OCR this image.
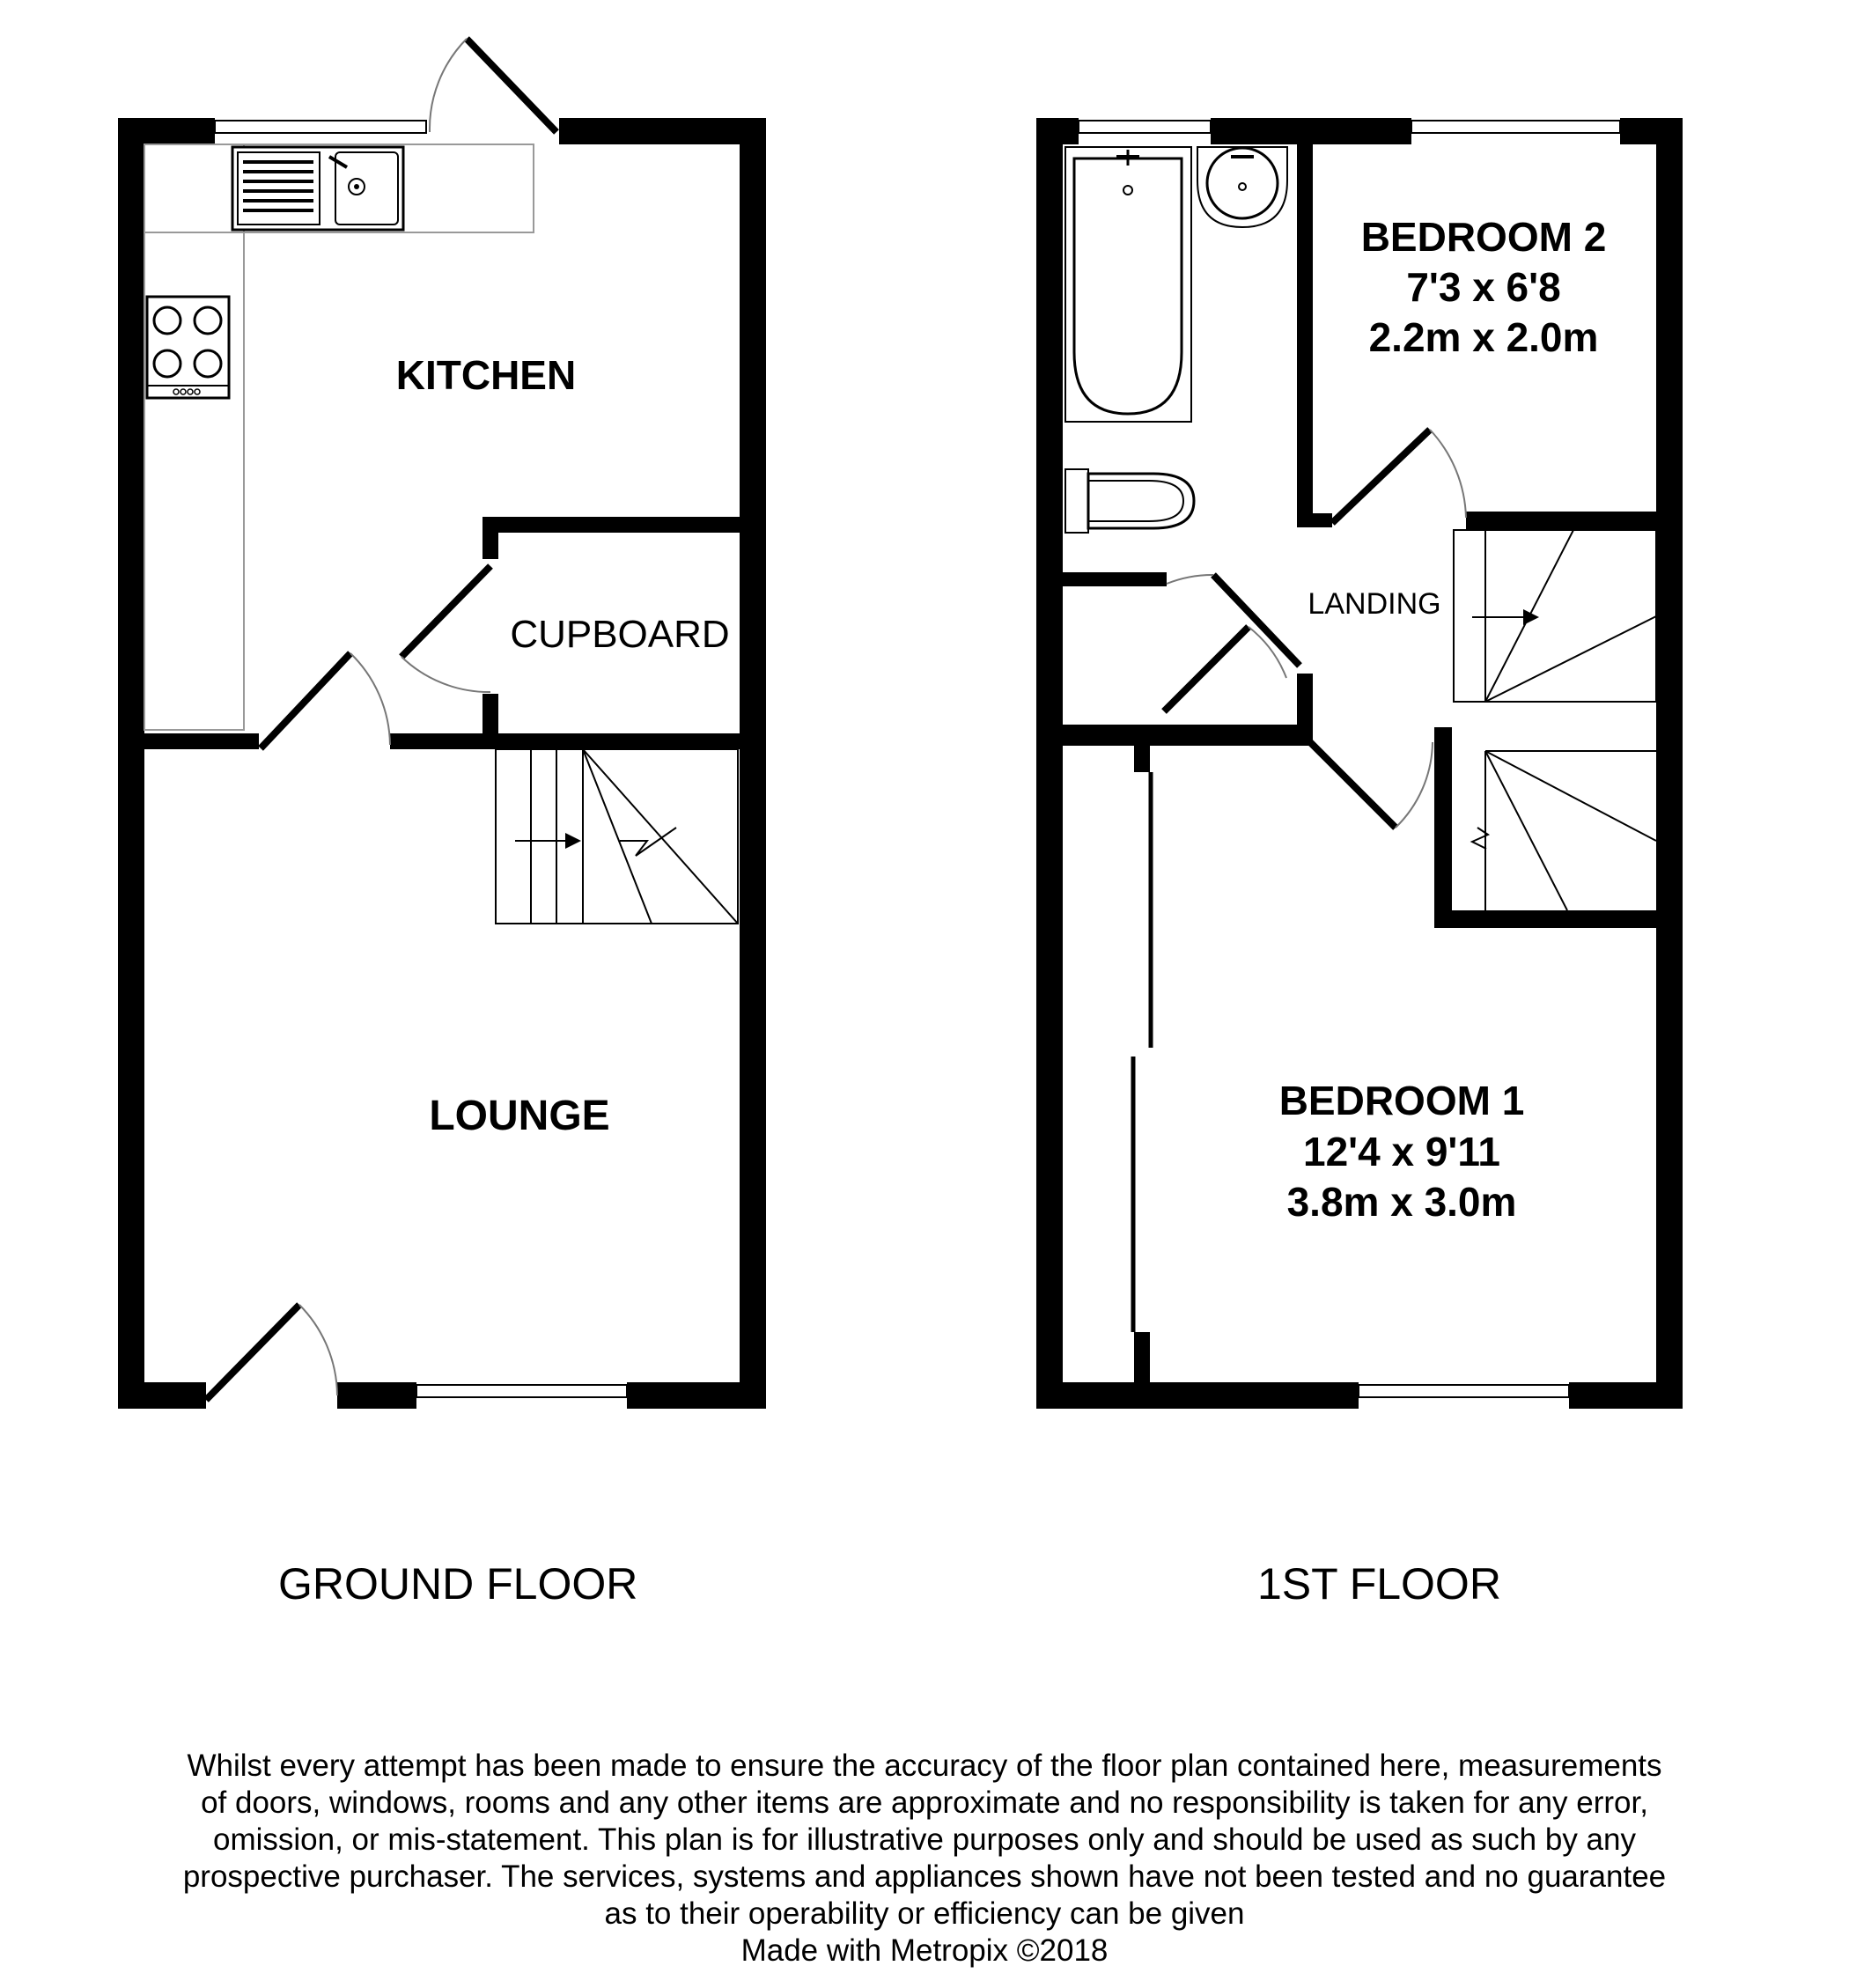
KITCHEN
CUPBOARD
LOUNGE
BEDROOM 2
7'3 x 6'8
2.2m x 2.0m
LANDING
BEDROOM 1
12'4 x 9'11
3.8m x 3.0m
GROUND FLOOR	1ST FLOOR
Whilst every attempt has been made to ensure the accuracy of the floor plan contained here, measurements
of doors, windows, rooms and any other items are approximate and no responsibility is taken for any error,
omission, or mis-statement. This plan is for illustrative purposes only and should be used as such by any
prospective purchaser. The services, systems and appliances shown have not been tested and no guarantee
as to their operability or efficiency can be given
Made with Metropix ©2018
